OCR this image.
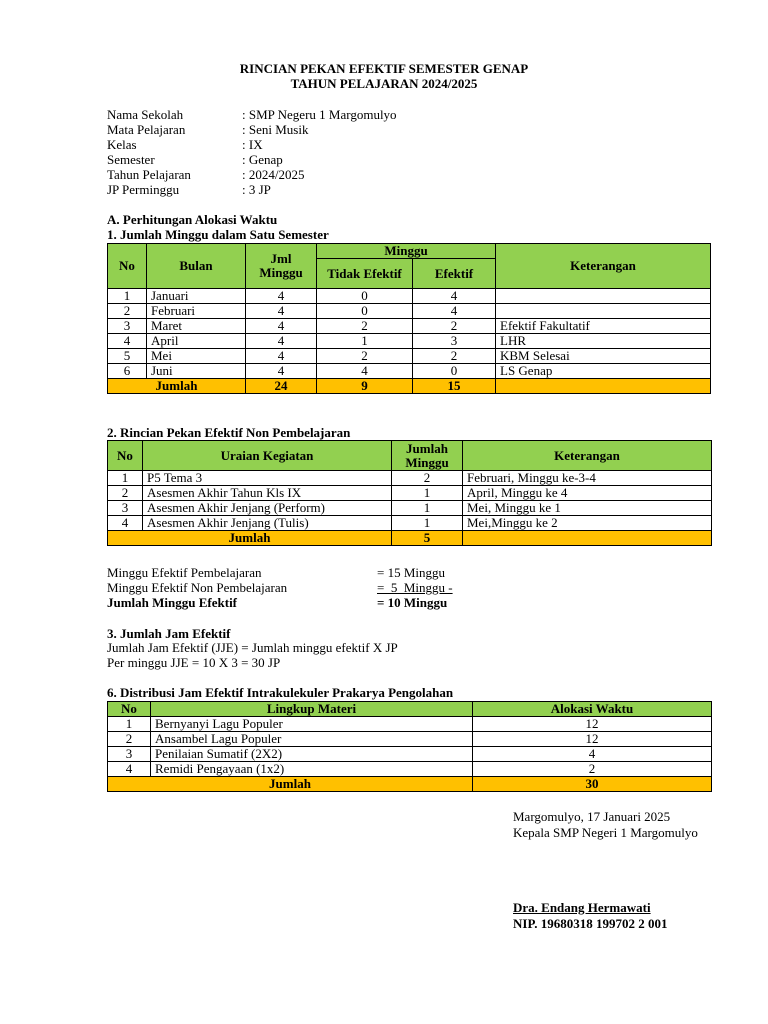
RINCIAN PEKAN EFEKTIF SEMESTER GENAP
TAHUN PELAJARAN 2024/2025
Nama Sekolah	: SMP Negeru 1 Margomulyo
Mata Pelajaran	: Seni Musik
Kelas	: IX
Semester	: Genap
Tahun Pelajaran	: 2024/2025
JP Perminggu	: 3 JP
A. Perhitungan Alokasi Waktu
1. Jumlah Minggu dalam Satu Semester
No	Bulan	Jml Minggu	Minggu		Keterangan
			Tidak Efektif	Efektif	
1	Januari	4	0	4	
2	Februari	4	0	4	
3	Maret	4	2	2	Efektif Fakultatif
4	April	4	1	3	LHR
5	Mei	4	2	2	KBM Selesai
6	Juni	4	4	0	LS Genap
Jumlah		24	9	15	
2. Rincian Pekan Efektif Non Pembelajaran
No	Uraian Kegiatan	Jumlah Minggu	Keterangan
1	P5 Tema 3	2	Februari, Minggu ke-3-4
2	Asesmen Akhir Tahun Kls IX	1	April, Minggu ke 4
3	Asesmen Akhir Jenjang (Perform)	1	Mei, Minggu ke 1
4	Asesmen Akhir Jenjang (Tulis)	1	Mei,Minggu ke 2
Jumlah		5	
Minggu Efektif Pembelajaran	= 15 Minggu
Minggu Efektif Non Pembelajaran	=  5  Minggu -
Jumlah Minggu Efektif	= 10 Minggu
3. Jumlah Jam Efektif
Jumlah Jam Efektif (JJE) = Jumlah minggu efektif X JP
Per minggu JJE = 10 X 3 = 30 JP
6. Distribusi Jam Efektif Intrakulekuler Prakarya Pengolahan
No	Lingkup Materi	Alokasi Waktu
1	Bernyanyi Lagu Populer	12
2	Ansambel Lagu Populer	12
3	Penilaian Sumatif (2X2)	4
4	Remidi Pengayaan (1x2)	2
Jumlah		30
Margomulyo, 17 Januari 2025
Kepala SMP Negeri 1 Margomulyo
Dra. Endang Hermawati
NIP. 19680318 199702 2 001
